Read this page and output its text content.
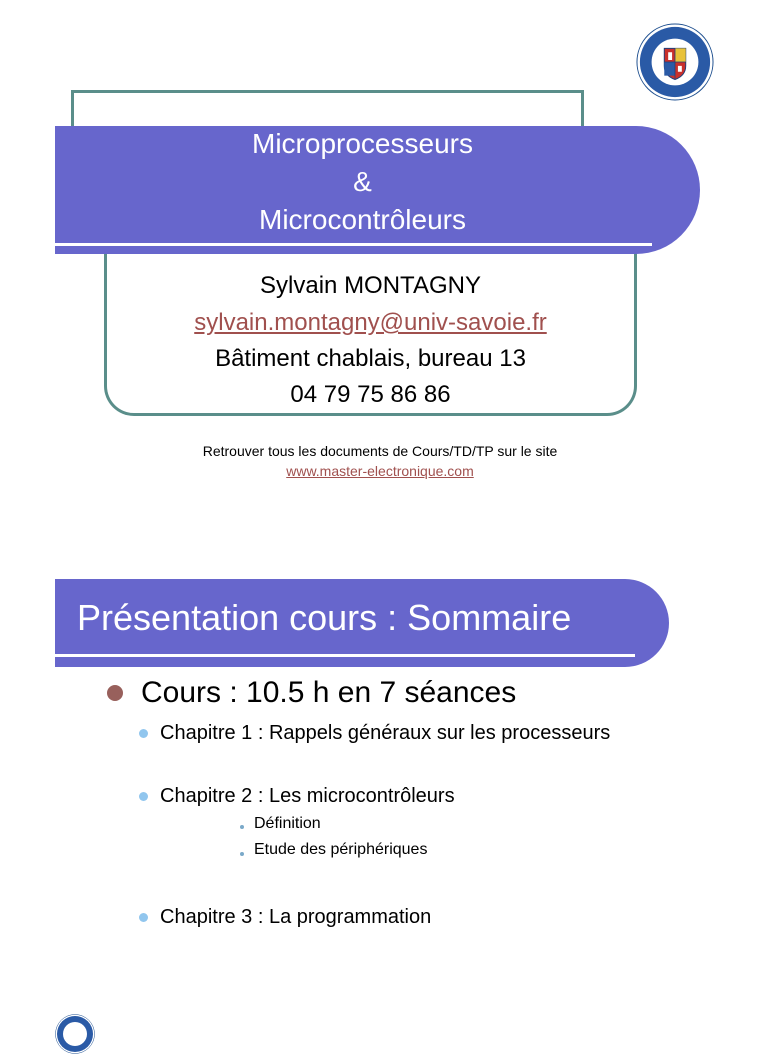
Microprocesseurs
&
Microcontrôleurs
Sylvain MONTAGNY
sylvain.montagny@univ-savoie.fr
Bâtiment chablais, bureau 13
04 79 75 86 86
Retrouver tous les documents de Cours/TD/TP sur le site
www.master-electronique.com
Présentation cours : Sommaire
Cours : 10.5 h en 7 séances
Chapitre 1 : Rappels généraux sur les processeurs
Chapitre 2 : Les microcontrôleurs
Définition
Etude des périphériques
Chapitre 3 : La programmation
